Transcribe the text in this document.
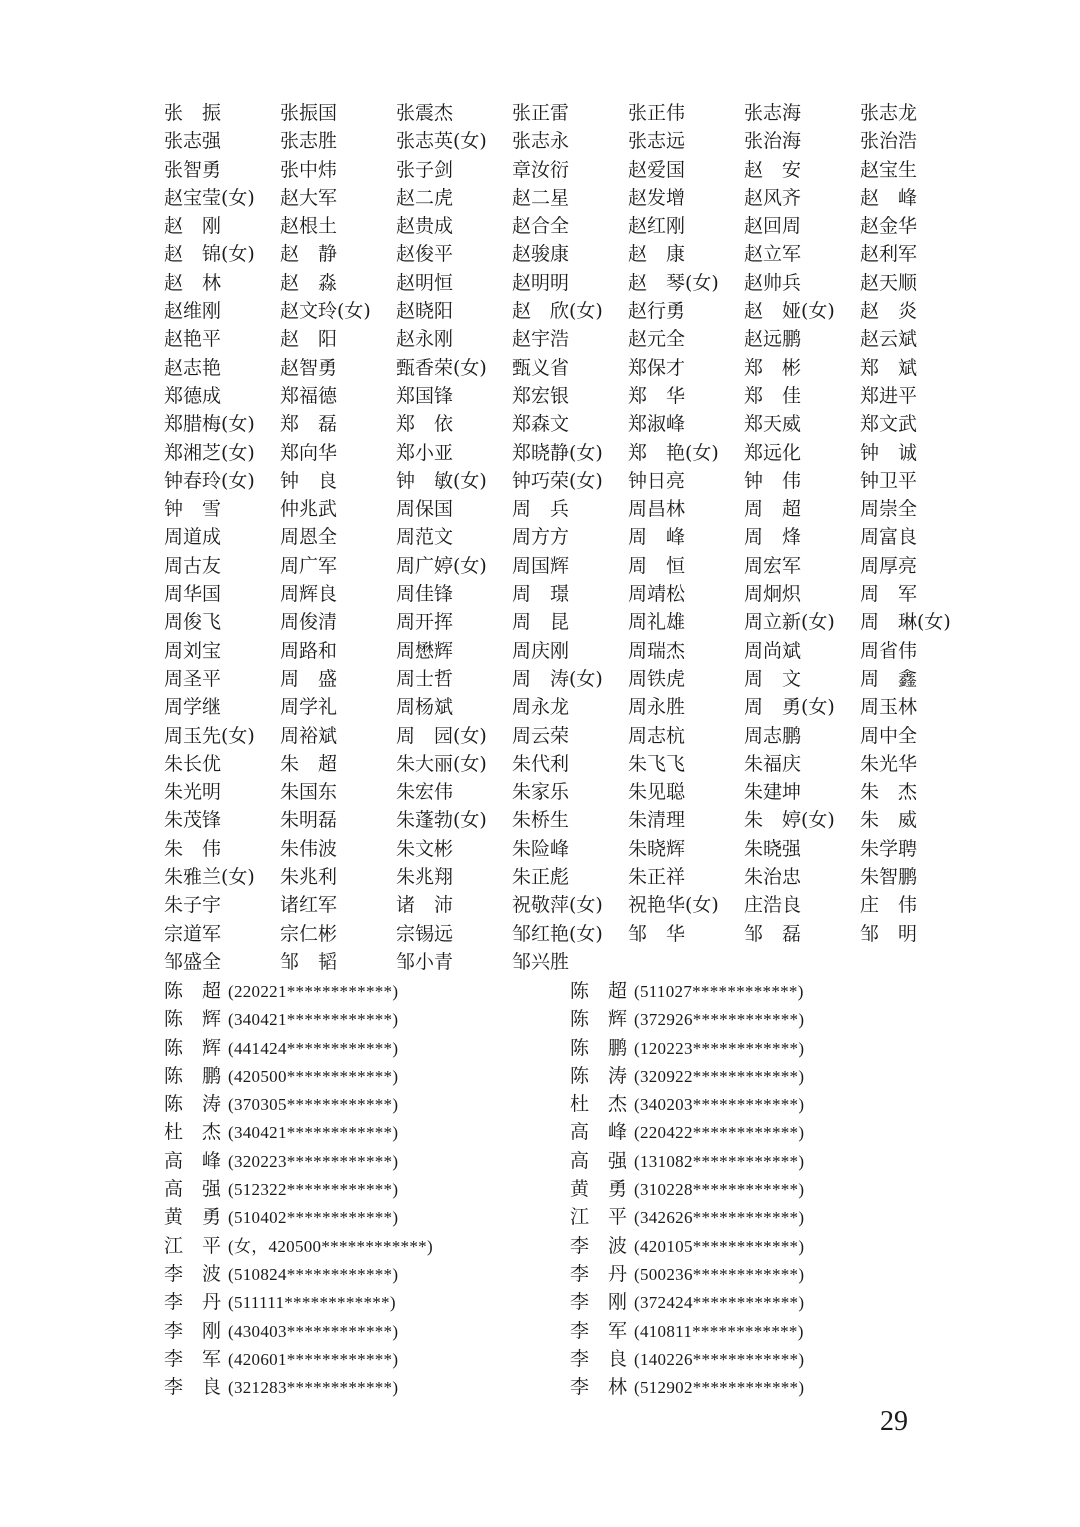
张　振	张振国	张震杰	张正雷	张正伟	张志海	张志龙
张志强	张志胜	张志英(女)	张志永	张志远	张治海	张治浩
张智勇	张中炜	张子剑	章汝衍	赵爱国	赵　安	赵宝生
赵宝莹(女)	赵大军	赵二虎	赵二星	赵发增	赵风齐	赵　峰
赵　刚	赵根土	赵贵成	赵合全	赵红刚	赵回周	赵金华
赵　锦(女)	赵　静	赵俊平	赵骏康	赵　康	赵立军	赵利军
赵　林	赵　淼	赵明恒	赵明明	赵　琴(女)	赵帅兵	赵天顺
赵维刚	赵文玲(女)	赵晓阳	赵　欣(女)	赵行勇	赵　娅(女)	赵　炎
赵艳平	赵　阳	赵永刚	赵宇浩	赵元全	赵远鹏	赵云斌
赵志艳	赵智勇	甄香荣(女)	甄义省	郑保才	郑　彬	郑　斌
郑德成	郑福德	郑国锋	郑宏银	郑　华	郑　佳	郑进平
郑腊梅(女)	郑　磊	郑　依	郑森文	郑淑峰	郑天威	郑文武
郑湘芝(女)	郑向华	郑小亚	郑晓静(女)	郑　艳(女)	郑远化	钟　诚
钟春玲(女)	钟　良	钟　敏(女)	钟巧荣(女)	钟日亮	钟　伟	钟卫平
钟　雪	仲兆武	周保国	周　兵	周昌林	周　超	周崇全
周道成	周恩全	周范文	周方方	周　峰	周　烽	周富良
周古友	周广军	周广婷(女)	周国辉	周　恒	周宏军	周厚亮
周华国	周辉良	周佳锋	周　璟	周靖松	周炯炽	周　军
周俊飞	周俊清	周开挥	周　昆	周礼雄	周立新(女)	周　琳(女)
周刘宝	周路和	周懋辉	周庆刚	周瑞杰	周尚斌	周省伟
周圣平	周　盛	周士哲	周　涛(女)	周铁虎	周　文	周　鑫
周学继	周学礼	周杨斌	周永龙	周永胜	周　勇(女)	周玉林
周玉先(女)	周裕斌	周　园(女)	周云荣	周志杭	周志鹏	周中全
朱长优	朱　超	朱大丽(女)	朱代利	朱飞飞	朱福庆	朱光华
朱光明	朱国东	朱宏伟	朱家乐	朱见聪	朱建坤	朱　杰
朱茂锋	朱明磊	朱蓬勃(女)	朱桥生	朱清理	朱　婷(女)	朱　威
朱　伟	朱伟波	朱文彬	朱险峰	朱晓辉	朱晓强	朱学聘
朱雅兰(女)	朱兆利	朱兆翔	朱正彪	朱正祥	朱治忠	朱智鹏
朱子宇	诸红军	诸　沛	祝敬萍(女)	祝艳华(女)	庄浩良	庄　伟
宗道军	宗仁彬	宗锡远	邹红艳(女)	邹　华	邹　磊	邹　明
邹盛全	邹　韬	邹小青	邹兴胜
陈　超 (220221************)	陈　超 (511027************)
陈　辉 (340421************)	陈　辉 (372926************)
陈　辉 (441424************)	陈　鹏 (120223************)
陈　鹏 (420500************)	陈　涛 (320922************)
陈　涛 (370305************)	杜　杰 (340203************)
杜　杰 (340421************)	高　峰 (220422************)
高　峰 (320223************)	高　强 (131082************)
高　强 (512322************)	黄　勇 (310228************)
黄　勇 (510402************)	江　平 (342626************)
江　平 (女，420500************)	李　波 (420105************)
李　波 (510824************)	李　丹 (500236************)
李　丹 (511111************)	李　刚 (372424************)
李　刚 (430403************)	李　军 (410811************)
李　军 (420601************)	李　良 (140226************)
李　良 (321283************)	李　林 (512902************)
29
